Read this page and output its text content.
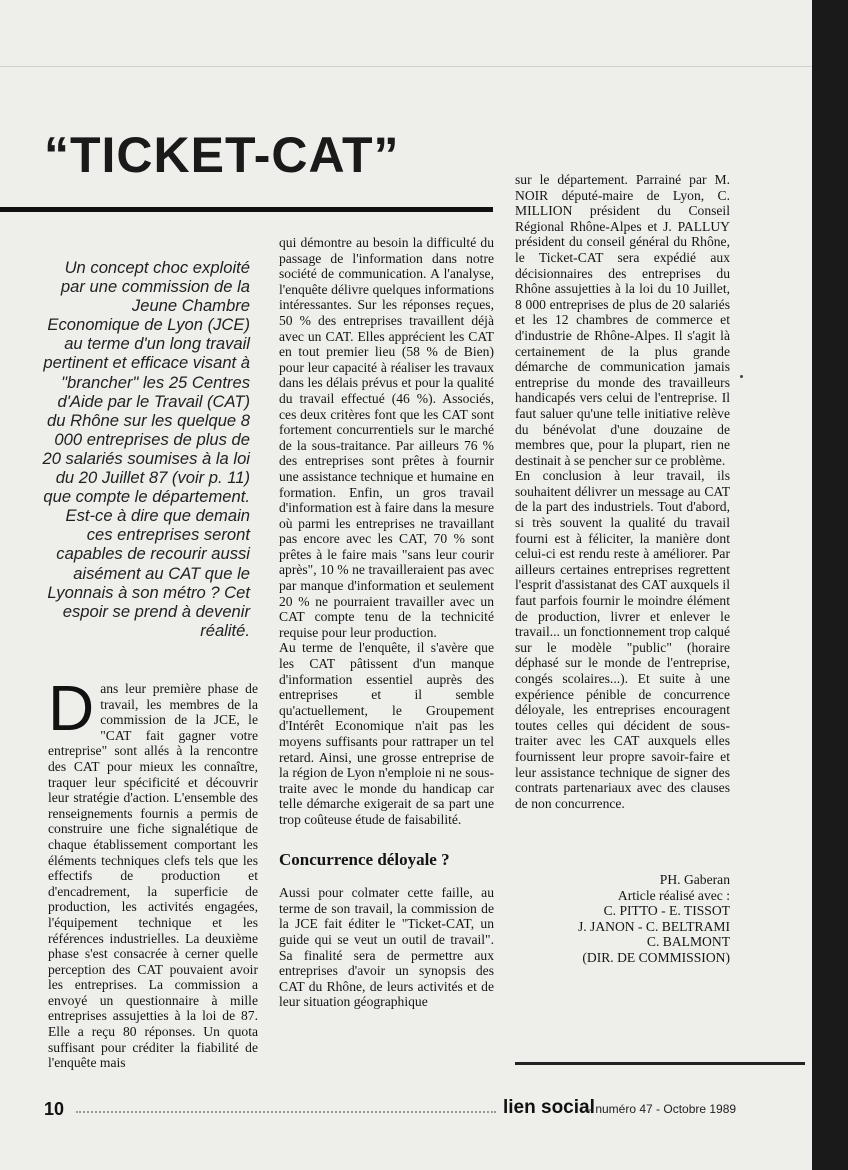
“TICKET-CAT”
Un concept choc exploité par une commission de la Jeune Chambre Economique de Lyon (JCE) au terme d'un long travail pertinent et efficace visant à "brancher" les 25 Centres d'Aide par le Travail (CAT) du Rhône sur les quelque 8 000 entreprises de plus de 20 salariés soumises à la loi du 20 Juillet 87 (voir p. 11) que compte le département. Est-ce à dire que demain ces entreprises seront capables de recourir aussi aisément au CAT que le Lyonnais à son métro ? Cet espoir se prend à devenir réalité.
D ans leur première phase de travail, les membres de la commission de la JCE, le "CAT fait gagner votre entreprise" sont allés à la rencontre des CAT pour mieux les connaître, traquer leur spécificité et découvrir leur stratégie d'action. L'ensemble des renseignements fournis a permis de construire une fiche signalétique de chaque établissement comportant les éléments techniques clefs tels que les effectifs de production et d'encadrement, la superficie de production, les activités engagées, l'équipement technique et les références industrielles. La deuxième phase s'est consacrée à cerner quelle perception des CAT pouvaient avoir les entreprises. La commission a envoyé un questionnaire à mille entreprises assujetties à la loi de 87. Elle a reçu 80 réponses. Un quota suffisant pour créditer la fiabilité de l'enquête mais

qui démontre au besoin la difficulté du passage de l'information dans notre société de communication. A l'analyse, l'enquête délivre quelques informations intéressantes. Sur les réponses reçues, 50 % des entreprises travaillent déjà avec un CAT. Elles apprécient les CAT en tout premier lieu (58 % de Bien) pour leur capacité à réaliser les travaux dans les délais prévus et pour la qualité du travail effectué (46 %). Associés, ces deux critères font que les CAT sont fortement concurrentiels sur le marché de la sous-traitance. Par ailleurs 76 % des entreprises sont prêtes à fournir une assistance technique et humaine en formation. Enfin, un gros travail d'information est à faire dans la mesure où parmi les entreprises ne travaillant pas encore avec les CAT, 70 % sont prêtes à le faire mais "sans leur courir après", 10 % ne travailleraient pas avec par manque d'information et seulement 20 % ne pourraient travailler avec un CAT compte tenu de la technicité requise pour leur production.

Au terme de l'enquête, il s'avère que les CAT pâtissent d'un manque d'information essentiel auprès des entreprises et il semble qu'actuellement, le Groupement d'Intérêt Economique n'ait pas les moyens suffisants pour rattraper un tel retard. Ainsi, une grosse entreprise de la région de Lyon n'emploie ni ne sous-traite avec le monde du handicap car telle démarche exigerait de sa part une trop coûteuse étude de faisabilité.

Concurrence déloyale ?

Aussi pour colmater cette faille, au terme de son travail, la commission de la JCE fait éditer le "Ticket-CAT, un guide qui se veut un outil de travail". Sa finalité sera de permettre aux entreprises d'avoir un synopsis des CAT du Rhône, de leurs activités et de leur situation géographique

sur le département. Parrainé par M. NOIR député-maire de Lyon, C. MILLION président du Conseil Régional Rhône-Alpes et J. PALLUY président du conseil général du Rhône, le Ticket-CAT sera expédié aux décisionnaires des entreprises du Rhône assujetties à la loi du 10 Juillet, 8 000 entreprises de plus de 20 salariés et les 12 chambres de commerce et d'industrie de Rhône-Alpes. Il s'agit là certainement de la plus grande démarche de communication jamais entreprise du monde des travailleurs handicapés vers celui de l'entreprise. Il faut saluer qu'une telle initiative relève du bénévolat d'une douzaine de membres que, pour la plupart, rien ne destinait à se pencher sur ce problème.

En conclusion à leur travail, ils souhaitent délivrer un message au CAT de la part des industriels. Tout d'abord, si très souvent la qualité du travail fourni est à féliciter, la manière dont celui-ci est rendu reste à améliorer. Par ailleurs certaines entreprises regrettent l'esprit d'assistanat des CAT auxquels il faut parfois fournir le moindre élément de production, livrer et enlever le travail... un fonctionnement trop calqué sur le modèle "public" (horaire déphasé sur le monde de l'entreprise, congés scolaires...). Et suite à une expérience pénible de concurrence déloyale, les entreprises encouragent toutes celles qui décident de sous-traiter avec les CAT auxquels elles fournissent leur propre savoir-faire et leur assistance technique de signer des contrats partenariaux avec des clauses de non concurrence.

PH. Gaberan
Article réalisé avec :
C. PITTO - E. TISSOT
J. JANON - C. BELTRAMI
C. BALMONT
(DIR. DE COMMISSION)
10	lien social
- numéro 47 - Octobre 1989
